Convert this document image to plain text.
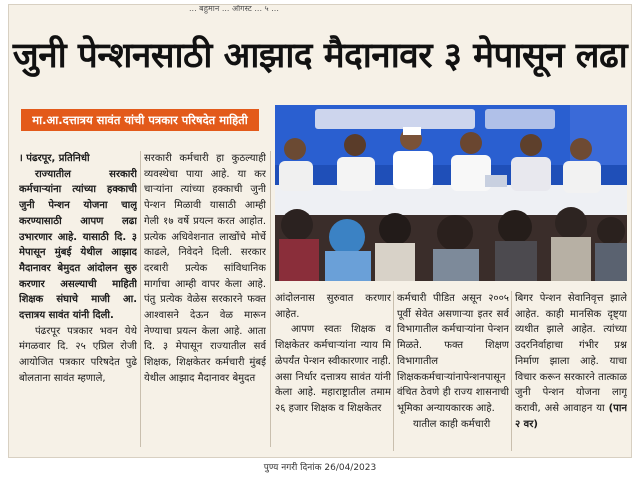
... बहुमान ... ऑगस्ट ... ५ ...
जुनी पेन्शनसाठी आझाद मैदानावर ३ मेपासून लढा
मा.आ.दत्तात्रय सावंत यांची पत्रकार परिषदेत माहिती

। पंढरपूर, प्रतिनिधी

राज्यातील सरकारी कर्मचाऱ्यांना त्यांच्या हक्काची जुनी पेन्शन योजना चालू करण्यासाठी आपण लढा उभारणार आहे. यासाठी दि. ३ मेपासून मुंबई येथील आझाद मैदानावर बेमुदत आंदोलन सुरु करणार असल्याची माहिती शिक्षक संघाचे माजी आ. दत्तात्रय सावंत यांनी दिली.

पंढरपूर पत्रकार भवन येथे मंगळवार दि. २५ एप्रिल रोजी आयोजित पत्रकार परिषदेत पुढे बोलताना सावंत म्हणाले,

सरकारी कर्मचारी हा कुठल्याही व्यवस्थेचा पाया आहे. या कर चाऱ्यांना त्यांच्या हक्काची जुनी पेन्शन मिळावी यासाठी आम्ही गेली १७ वर्षे प्रयत्न करत आहोत. प्रत्येक अधिवेशनात लाखोंचे मोर्चे काढले, निवेदने दिली. सरकार दरबारी प्रत्येक सांविधानिक मार्गाचा आम्ही वापर केला आहे. पंतु प्रत्येक वेळेस सरकारने फक्त आश्वासने देऊन वेळ मारून नेण्याचा प्रयत्न केला आहे. आता दि. ३ मेपासून राज्यातील सर्व शिक्षक, शिक्षकेतर कर्मचारी मुंबई येथील आझाद मैदानावर बेमुदत

आंदोलनास सुरुवात करणार आहेत.

आपण स्वतः शिक्षक व शिक्षकेतर कर्मचाऱ्यांना न्याय मि ळेपर्यंत पेन्शन स्वीकारणार नाही. असा निर्धार दत्तात्रय सावंत यांनी केला आहे. महाराष्ट्रातील तमाम २६ हजार शिक्षक व शिक्षकेतर

कर्मचारी पीडित असून २००५ पूर्वी सेवेत असणाऱ्या इतर सर्व विभागातील कर्मचाऱ्यांना पेन्शन मिळते. फक्त शिक्षण विभागातील शिक्षककर्मचाऱ्यांनापेन्शनपासून वंचित ठेवणे ही राज्य शासनाची भूमिका अन्यायकारक आहे.

यातील काही कर्मचारी

बिगर पेन्शन सेवानिवृत्त झाले आहेत. काही मानसिक दृष्ट्या व्यथीत झाले आहेत. त्यांच्या उदरनिर्वाहाचा गंभीर प्रश्न निर्माण झाला आहे. याचा विचार करून सरकारने तात्काळ जुनी पेन्शन योजना लागू करावी, असे आवाहन या (पान २ वर)

पुण्य नगरी दिनांक 26/04/2023
